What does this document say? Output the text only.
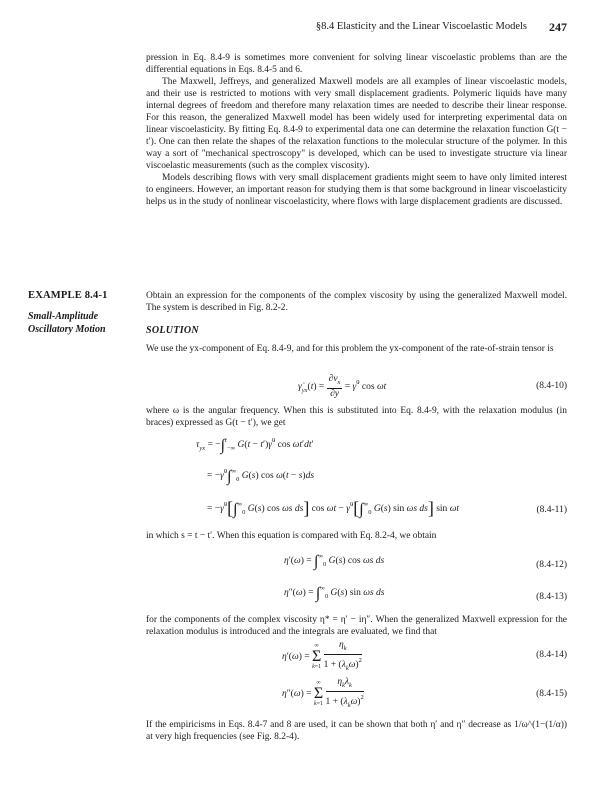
§8.4 Elasticity and the Linear Viscoelastic Models 247

pression in Eq. 8.4-9 is sometimes more convenient for solving linear viscoelastic problems than are the differential equations in Eqs. 8.4-5 and 6.

The Maxwell, Jeffreys, and generalized Maxwell models are all examples of linear viscoelastic models, and their use is restricted to motions with very small displacement gradients. Polymeric liquids have many internal degrees of freedom and therefore many relaxation times are needed to describe their linear response. For this reason, the generalized Maxwell model has been widely used for interpreting experimental data on linear viscoelasticity. By fitting Eq. 8.4-9 to experimental data one can determine the relaxation function G(t − t′). One can then relate the shapes of the relaxation functions to the molecular structure of the polymer. In this way a sort of "mechanical spectroscopy" is developed, which can be used to investigate structure via linear viscoelastic measurements (such as the complex viscosity).

Models describing flows with very small displacement gradients might seem to have only limited interest to engineers. However, an important reason for studying them is that some background in linear viscoelasticity helps us in the study of nonlinear viscoelasticity, where flows with large displacement gradients are discussed.

EXAMPLE 8.4-1
Small-Amplitude
Oscillatory Motion

Obtain an expression for the components of the complex viscosity by using the generalized Maxwell model. The system is described in Fig. 8.2-2.

SOLUTION

We use the yx-component of Eq. 8.4-9, and for this problem the yx-component of the rate-of-strain tensor is

$\gammȧ_{yx}(t) = \frac{\partial v_x}{\partial y}$ = γ̇$^0$ cos ωt	(8.4-10)

where ω is the angular frequency. When this is substituted into Eq. 8.4-9, with the relaxation modulus (in braces) expressed as G(t − t′), we get

$\tau_{yx} = -\int^t_{-\infty}$ G(t − t′)γ̇$^0$ cos ωt′dt′
= $-\gammȧ^0\int^\infty_0$ G(s) cos ω(t − s)ds
= $-\gammȧ^0[\int^\infty_0$ G(s) cos ωs ds] $\cos \omega t - \gammȧ^0[\int^\infty_0$ G(s) sin ωs ds] sin ωt	(8.4-11)

in which s = t − t′. When this equation is compared with Eq. 8.2-4, we obtain

$\eta'(\omega) = \int^\infty_0$ G(s) cos ωs ds	(8.4-12)
$\eta''(\omega) = \int^\infty_0$ G(s) sin ωs ds	(8.4-13)

for the components of the complex viscosity η* = η′ − iη″. When the generalized Maxwell expression for the relaxation modulus is introduced and the integrals are evaluated, we find that

η′(ω) =
∞
Σ
k=1
$\frac{\eta_k}{1 + (\lambda_k\omega)^2}$	(8.4-14)
η″(ω) =
∞
Σ
k=1
$\frac{\eta_k\lambda_k}{1 + (\lambda_k\omega)^2}$	(8.4-15)

If the empiricisms in Eqs. 8.4-7 and 8 are used, it can be shown that both η′ and η″ decrease as 1/ω^(1−(1/α)) at very high frequencies (see Fig. 8.2-4).
